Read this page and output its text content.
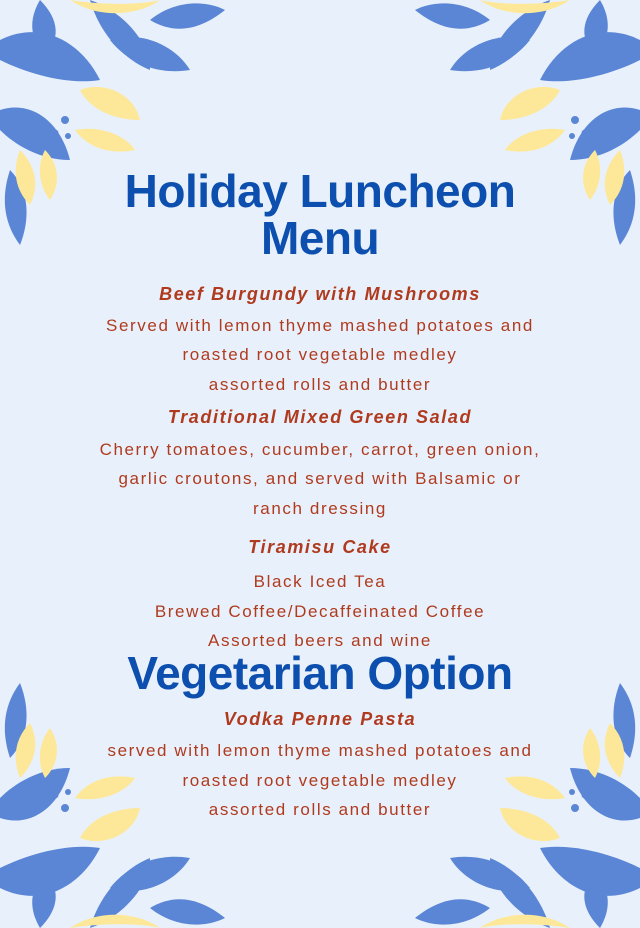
Holiday Luncheon
Menu
Beef Burgundy with Mushrooms
Served with lemon thyme mashed potatoes and
roasted root vegetable medley
assorted rolls and butter
Traditional Mixed Green Salad
Cherry tomatoes, cucumber, carrot, green onion,
garlic croutons, and served with Balsamic or
ranch dressing
Tiramisu Cake
Black Iced Tea
Brewed Coffee/Decaffeinated Coffee
Assorted beers and wine
Vegetarian Option
Vodka Penne Pasta
served with lemon thyme mashed potatoes and
roasted root vegetable medley
assorted rolls and butter
